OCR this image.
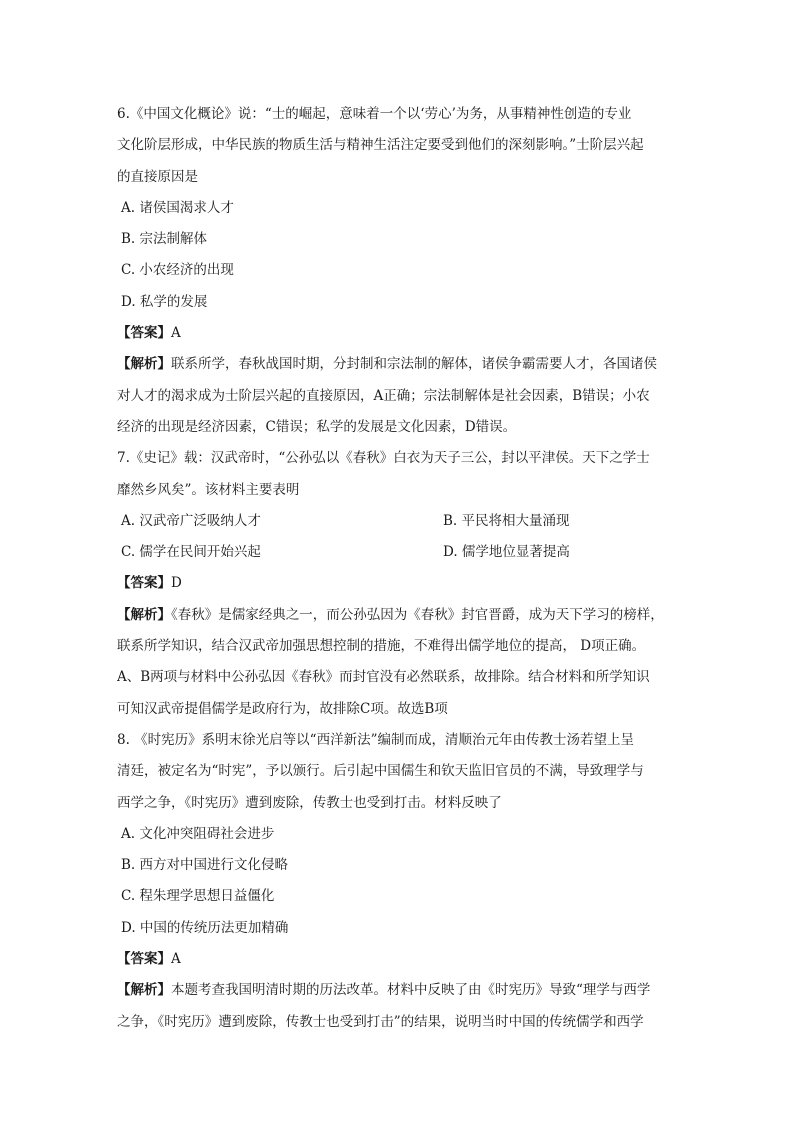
6.《中国文化概论》说：“士的崛起，意味着一个以‘劳心’为务，从事精神性创造的专业
文化阶层形成，中华民族的物质生活与精神生活注定要受到他们的深刻影响。”士阶层兴起
的直接原因是
A. 诸侯国渴求人才
B. 宗法制解体
C. 小农经济的出现
D. 私学的发展
【答案】A
【解析】联系所学，春秋战国时期，分封制和宗法制的解体，诸侯争霸需要人才，各国诸侯
对人才的渴求成为士阶层兴起的直接原因，A正确；宗法制解体是社会因素，B错误；小农
经济的出现是经济因素，C错误；私学的发展是文化因素，D错误。
7.《史记》载：汉武帝时，“公孙弘以《春秋》白衣为天子三公，封以平津侯。天下之学士
靡然乡风矣”。该材料主要表明
A. 汉武帝广泛吸纳人才	B. 平民将相大量涌现
C. 儒学在民间开始兴起	D. 儒学地位显著提高
【答案】D
【解析】《春秋》是儒家经典之一，而公孙弘因为《春秋》封官晋爵，成为天下学习的榜样，
联系所学知识，结合汉武帝加强思想控制的措施，不难得出儒学地位的提高， D项正确。
A、B两项与材料中公孙弘因《春秋》而封官没有必然联系，故排除。结合材料和所学知识
可知汉武帝提倡儒学是政府行为，故排除C项。故选B项
8. 《时宪历》系明末徐光启等以“西洋新法”编制而成，清顺治元年由传教士汤若望上呈
清廷，被定名为“时宪”，予以颁行。后引起中国儒生和钦天监旧官员的不满，导致理学与
西学之争，《时宪历》遭到废除，传教士也受到打击。材料反映了
A. 文化冲突阻碍社会进步
B. 西方对中国进行文化侵略
C. 程朱理学思想日益僵化
D. 中国的传统历法更加精确
【答案】A
【解析】本题考查我国明清时期的历法改革。材料中反映了由《时宪历》导致“理学与西学
之争，《时宪历》遭到废除，传教士也受到打击”的结果，说明当时中国的传统儒学和西学
